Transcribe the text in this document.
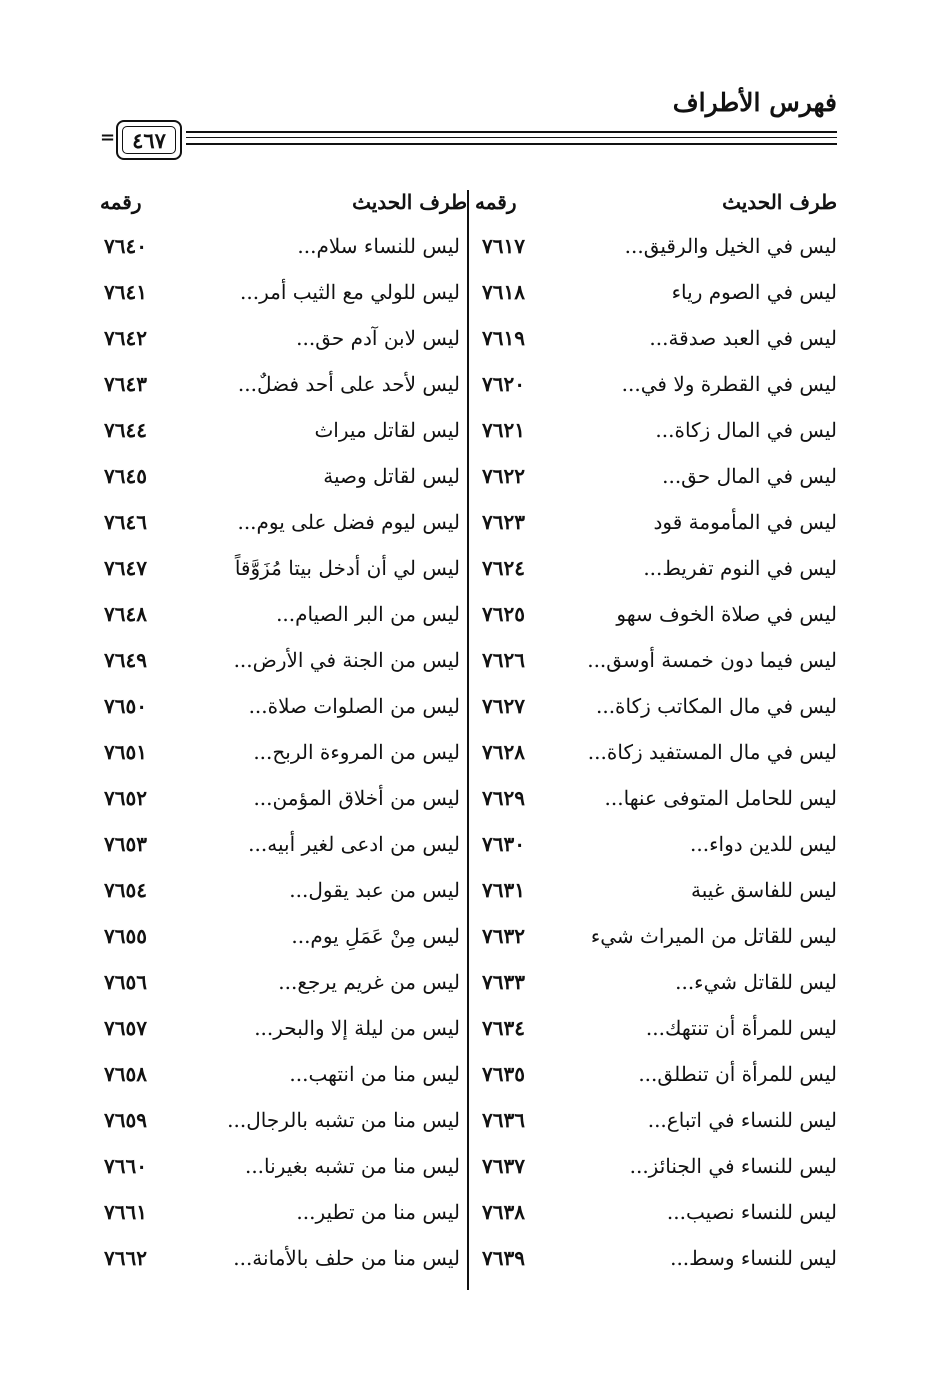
فهرس الأطراف
٤٦٧
=
طرف الحديث
رقمه
طرف الحديث
رقمه
ليس في الخيل والرقيق...
٧٦١٧
ليس للنساء سلام...
٧٦٤٠
ليس في الصوم رياء
٧٦١٨
ليس للولي مع الثيب أمر...
٧٦٤١
ليس في العبد صدقة...
٧٦١٩
ليس لابن آدم حق...
٧٦٤٢
ليس في القطرة ولا في...
٧٦٢٠
ليس لأحد على أحد فضلٌ...
٧٦٤٣
ليس في المال زكاة...
٧٦٢١
ليس لقاتل ميراث
٧٦٤٤
ليس في المال حق...
٧٦٢٢
ليس لقاتل وصية
٧٦٤٥
ليس في المأمومة قود
٧٦٢٣
ليس ليوم فضل على يوم...
٧٦٤٦
ليس في النوم تفريط...
٧٦٢٤
ليس لي أن أدخل بيتا مُزَوَّقاً
٧٦٤٧
ليس في صلاة الخوف سهو
٧٦٢٥
ليس من البر الصيام...
٧٦٤٨
ليس فيما دون خمسة أوسق...
٧٦٢٦
ليس من الجنة في الأرض...
٧٦٤٩
ليس في مال المكاتب زكاة...
٧٦٢٧
ليس من الصلوات صلاة...
٧٦٥٠
ليس في مال المستفيد زكاة...
٧٦٢٨
ليس من المروءة الربح...
٧٦٥١
ليس للحامل المتوفى عنها...
٧٦٢٩
ليس من أخلاق المؤمن...
٧٦٥٢
ليس للدين دواء...
٧٦٣٠
ليس من ادعى لغير أبيه...
٧٦٥٣
ليس للفاسق غيبة
٧٦٣١
ليس من عبد يقول...
٧٦٥٤
ليس للقاتل من الميراث شيء
٧٦٣٢
ليس مِنْ عَمَلِ يوم...
٧٦٥٥
ليس للقاتل شيء...
٧٦٣٣
ليس من غريم يرجع...
٧٦٥٦
ليس للمرأة أن تنتهك...
٧٦٣٤
ليس من ليلة إلا والبحر...
٧٦٥٧
ليس للمرأة أن تنطلق...
٧٦٣٥
ليس منا من انتهب...
٧٦٥٨
ليس للنساء في اتباع...
٧٦٣٦
ليس منا من تشبه بالرجال...
٧٦٥٩
ليس للنساء في الجنائز...
٧٦٣٧
ليس منا من تشبه بغيرنا...
٧٦٦٠
ليس للنساء نصيب...
٧٦٣٨
ليس منا من تطير...
٧٦٦١
ليس للنساء وسط...
٧٦٣٩
ليس منا من حلف بالأمانة...
٧٦٦٢
